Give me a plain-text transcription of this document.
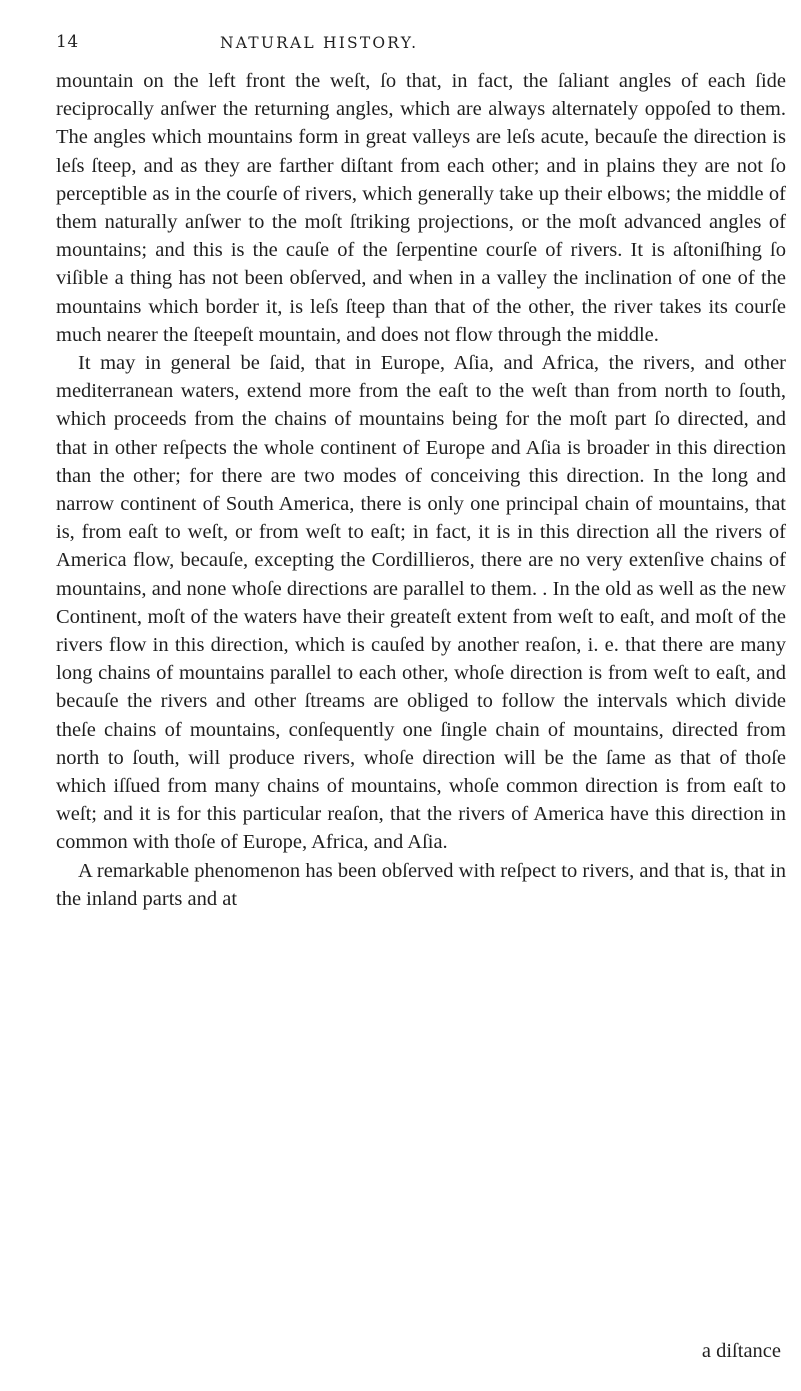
14	NATURAL HISTORY.

mountain on the left front the weſt, ſo that, in fact, the ſaliant angles of each ſide reciprocally anſwer the returning angles, which are always alternately oppoſed to them. The angles which mountains form in great valleys are leſs acute, becauſe the direction is leſs ſteep, and as they are farther diſtant from each other; and in plains they are not ſo perceptible as in the courſe of rivers, which generally take up their elbows; the middle of them naturally anſwer to the moſt ſtriking projections, or the moſt advanced angles of mountains; and this is the cauſe of the ſerpentine courſe of rivers. It is aſtoniſhing ſo viſible a thing has not been obſerved, and when in a valley the inclination of one of the mountains which border it, is leſs ſteep than that of the other, the river takes its courſe much nearer the ſteepeſt mountain, and does not flow through the middle.

It may in general be ſaid, that in Europe, Aſia, and Africa, the rivers, and other mediterranean waters, extend more from the eaſt to the weſt than from north to ſouth, which proceeds from the chains of mountains being for the moſt part ſo directed, and that in other reſpects the whole continent of Europe and Aſia is broader in this direction than the other; for there are two modes of conceiving this direction. In the long and narrow continent of South America, there is only one principal chain of mountains, that is, from eaſt to weſt, or from weſt to eaſt; in fact, it is in this direction all the rivers of America flow, becauſe, excepting the Cordillieros, there are no very extenſive chains of mountains, and none whoſe directions are parallel to them. . In the old as well as the new Continent, moſt of the waters have their greateſt extent from weſt to eaſt, and moſt of the rivers flow in this direction, which is cauſed by another reaſon, i. e. that there are many long chains of mountains parallel to each other, whoſe direction is from weſt to eaſt, and becauſe the rivers and other ſtreams are obliged to follow the intervals which divide theſe chains of mountains, conſequently one ſingle chain of mountains, directed from north to ſouth, will produce rivers, whoſe direction will be the ſame as that of thoſe which iſſued from many chains of mountains, whoſe common direction is from eaſt to weſt; and it is for this particular reaſon, that the rivers of America have this direction in common with thoſe of Europe, Africa, and Aſia.

A remarkable phenomenon has been obſerved with reſpect to rivers, and that is, that in the inland parts and at

a diſtance
